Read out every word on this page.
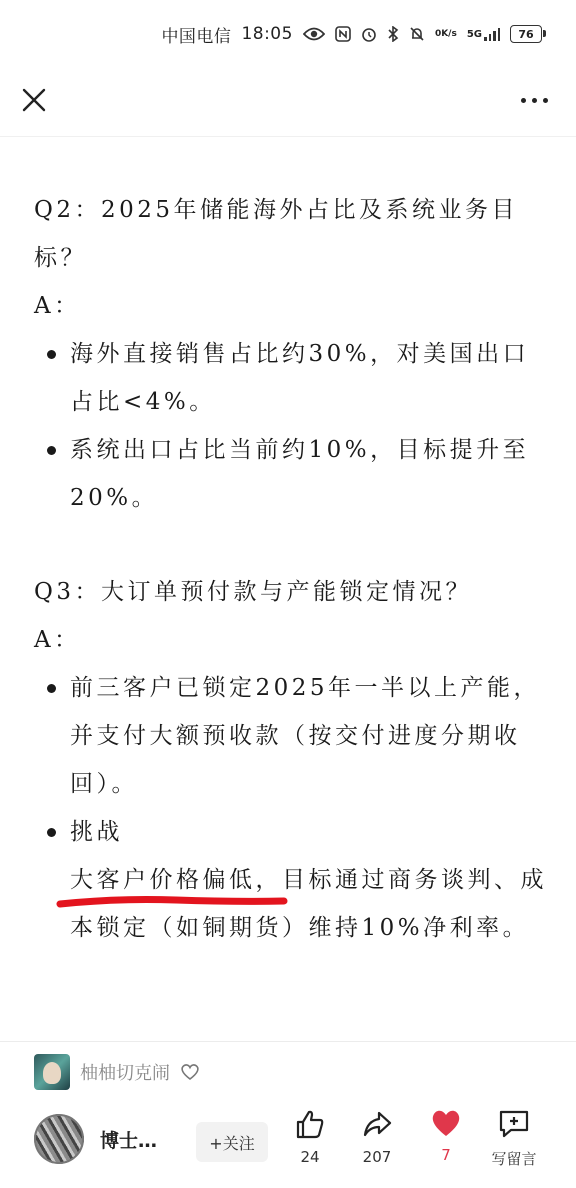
中国电信 18:05	0 K/s 5G	76

Q2：2025年储能海外占比及系统业务目标？

A：

海外直接销售占比约30%，对美国出口占比<4%。
系统出口占比当前约10%，目标提升至20%。

Q3：大订单预付款与产能锁定情况？

A：

前三客户已锁定2025年一半以上产能，并支付大额预收款（按交付进度分期收回）。
挑战
大客户价格偏低，目标通过商务谈判、成本锁定（如铜期货）维持10%净利率。
柚柚切克闹
博士…	+关注
24	207	7	写留言
